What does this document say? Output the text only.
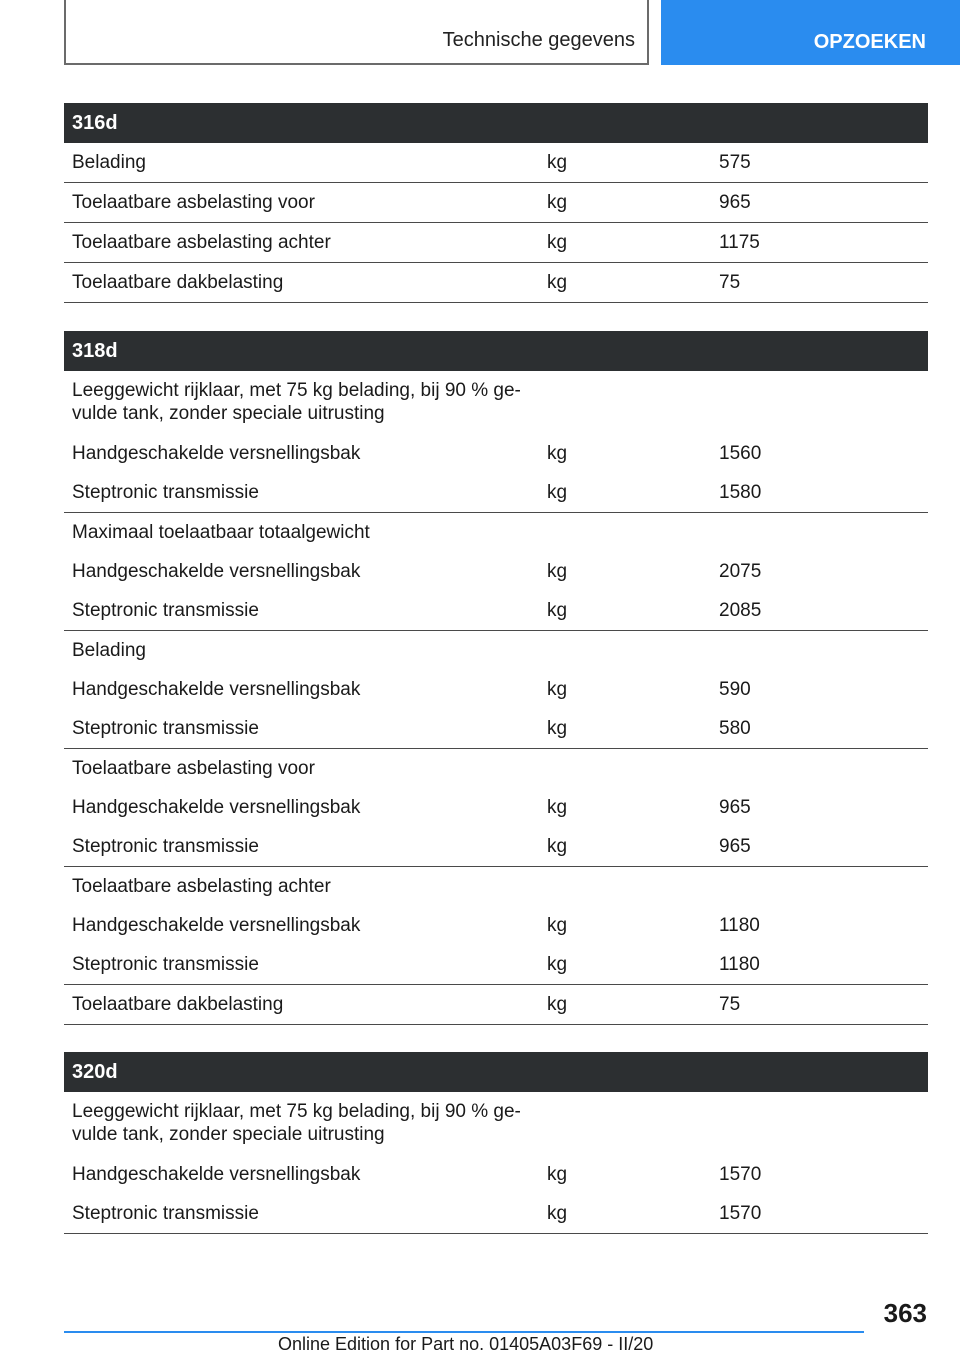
Technische gegevens	OPZOEKEN
316d
Belading	kg	575
Toelaatbare asbelasting voor	kg	965
Toelaatbare asbelasting achter	kg	1175
Toelaatbare dakbelasting	kg	75
318d
Leeggewicht rijklaar, met 75 kg belading, bij 90 % ge-
vulde tank, zonder speciale uitrusting
Handgeschakelde versnellingsbak	kg	1560
Steptronic transmissie	kg	1580
Maximaal toelaatbaar totaalgewicht
Handgeschakelde versnellingsbak	kg	2075
Steptronic transmissie	kg	2085
Belading
Handgeschakelde versnellingsbak	kg	590
Steptronic transmissie	kg	580
Toelaatbare asbelasting voor
Handgeschakelde versnellingsbak	kg	965
Steptronic transmissie	kg	965
Toelaatbare asbelasting achter
Handgeschakelde versnellingsbak	kg	1180
Steptronic transmissie	kg	1180
Toelaatbare dakbelasting	kg	75
320d
Leeggewicht rijklaar, met 75 kg belading, bij 90 % ge-
vulde tank, zonder speciale uitrusting
Handgeschakelde versnellingsbak	kg	1570
Steptronic transmissie	kg	1570
363
Online Edition for Part no. 01405A03F69 - II/20
